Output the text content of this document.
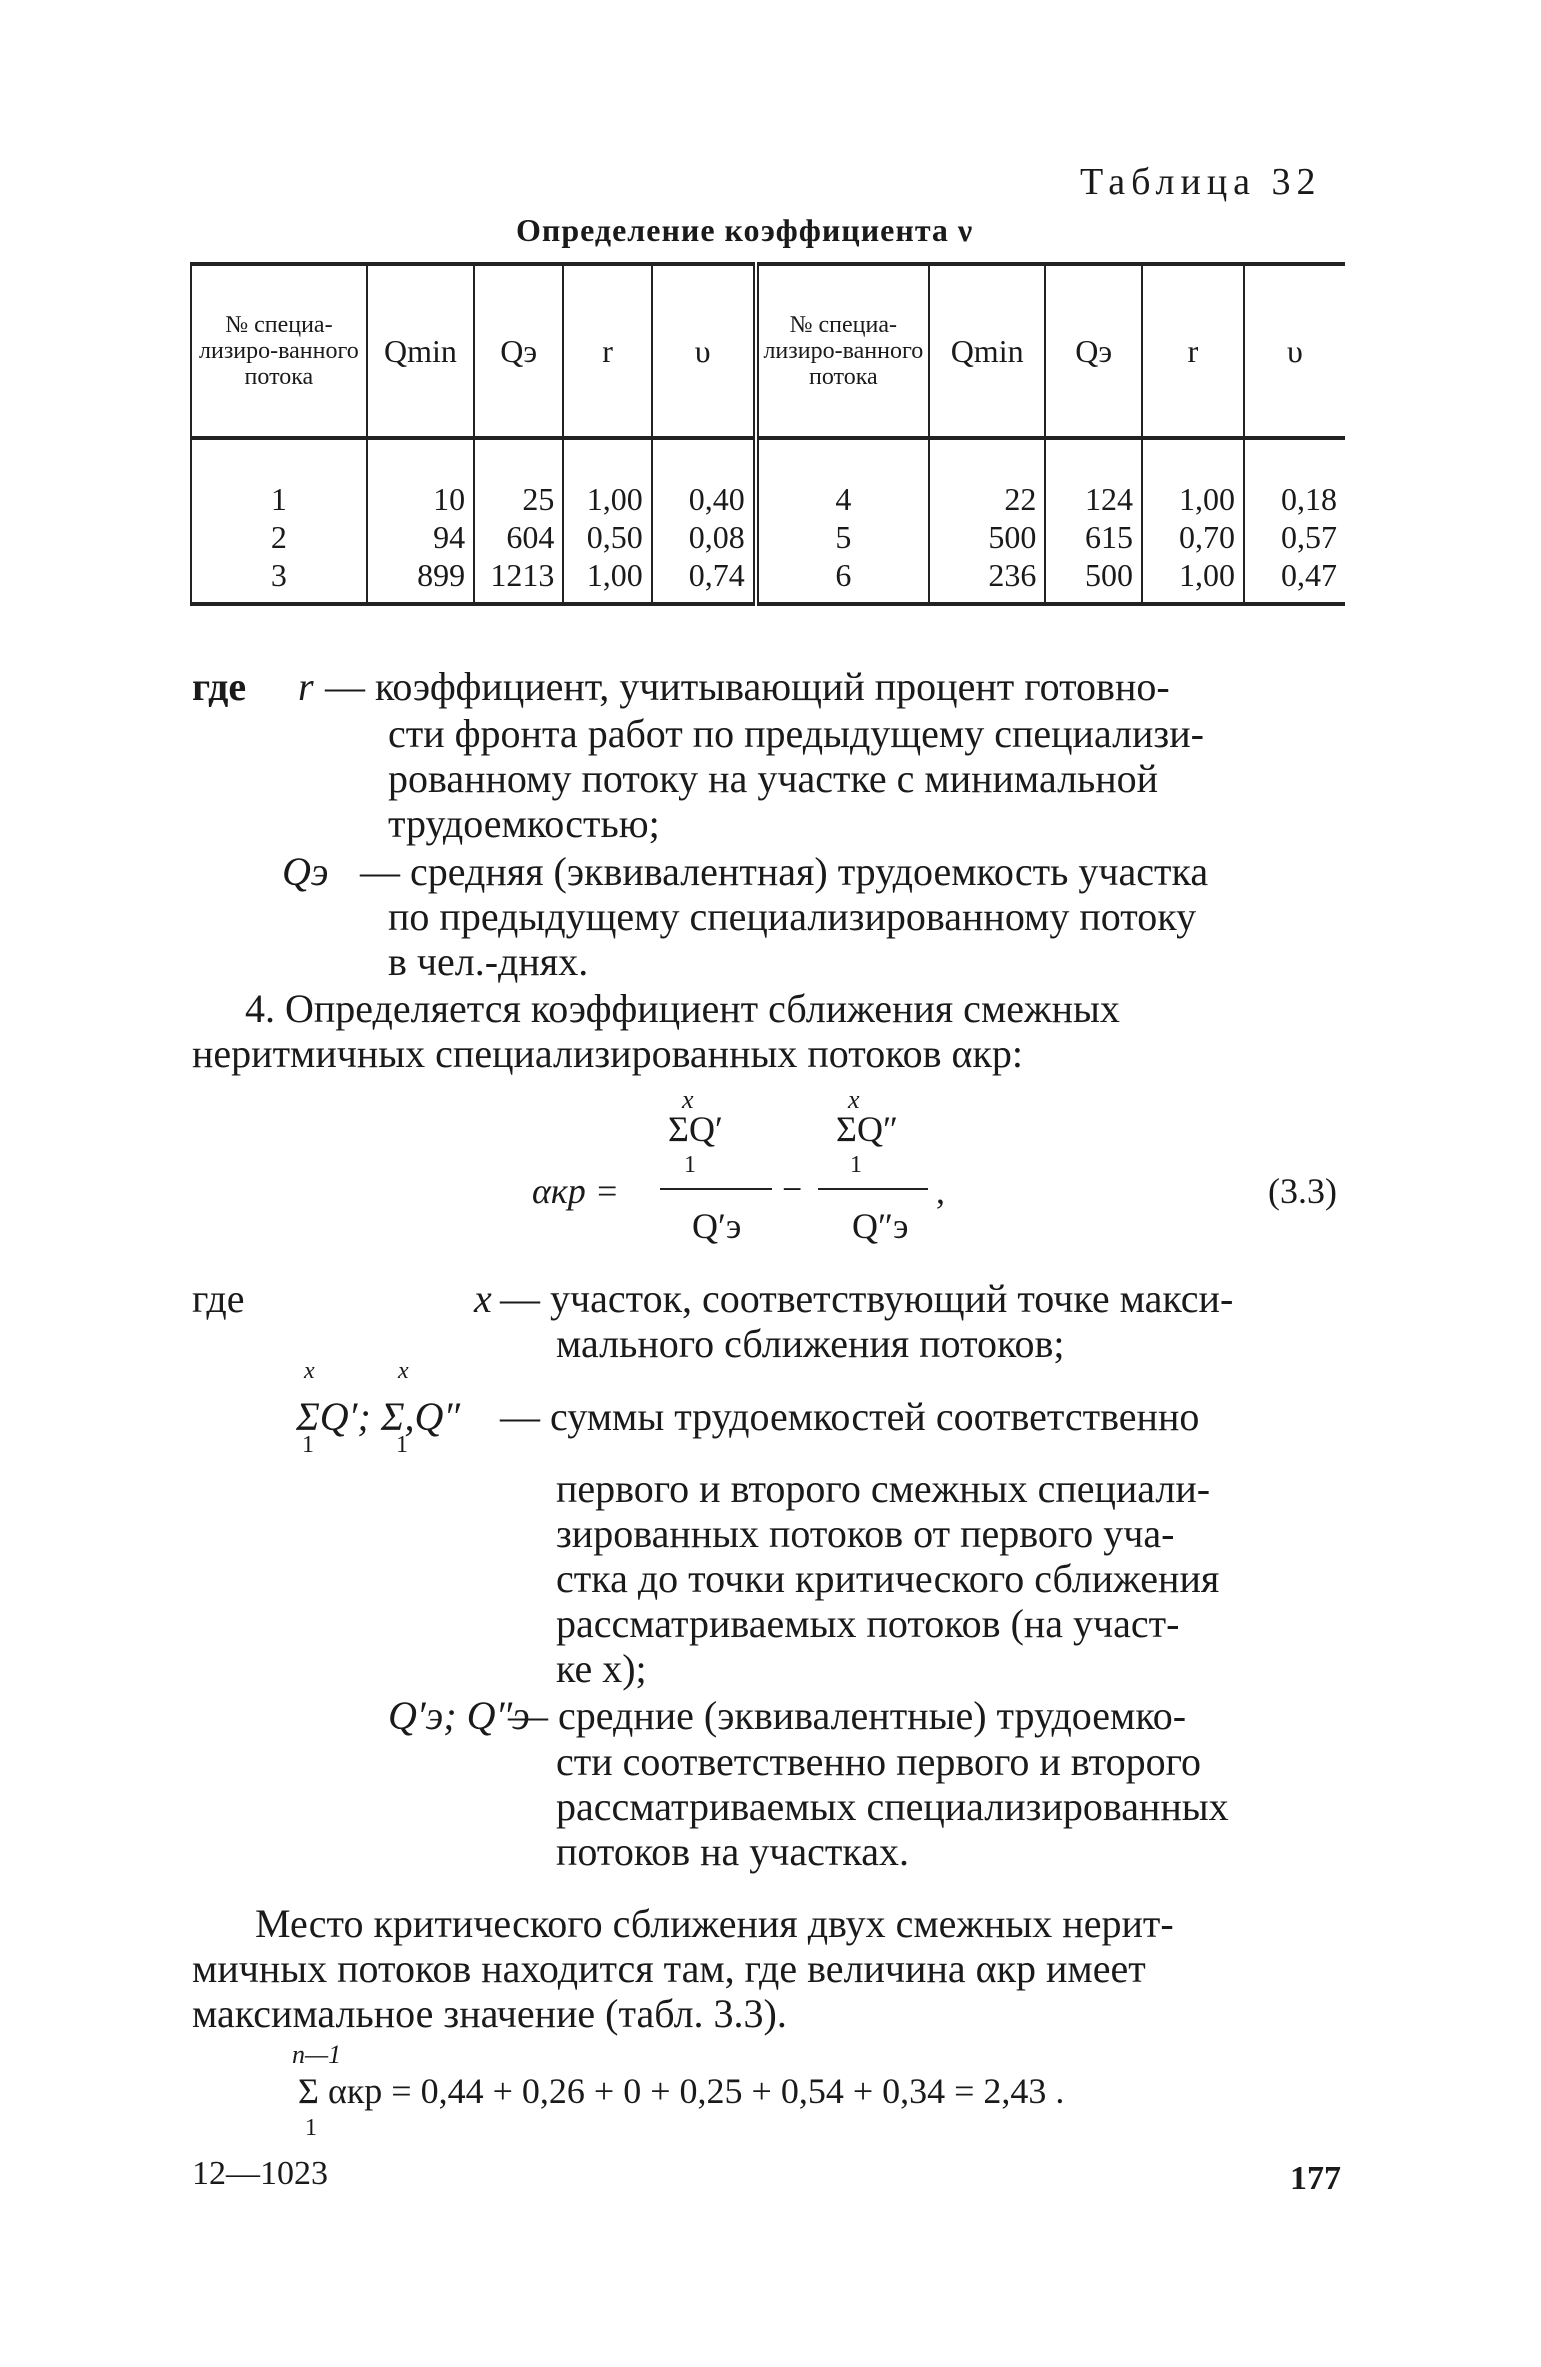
Таблица 32
Определение коэффициента ν
№ специа-лизиро-ванного потока	Qmin	Qэ	r	υ	№ специа-лизиро-ванного потока	Qmin	Qэ	r	υ
1	10	25	1,00	0,40	4	22	124	1,00	0,18
2	94	604	0,50	0,08	5	500	615	0,70	0,57
3	899	1213	1,00	0,74	6	236	500	1,00	0,47
где r — коэффициент, учитывающий процент готовно-
сти фронта работ по предыдущему специализи-
рованному потоку на участке с минимальной
трудоемкостью;
Qэ — средняя (эквивалентная) трудоемкость участка
по предыдущему специализированному потоку
в чел.-днях.
4. Определяется коэффициент сближения смежных
неритмичных специализированных потоков αкр:
x	x
ΣQ′	ΣQ″
1	1
αкр =	−	,
Q′э	Q″э
(3.3)
где	x — участок, соответствующий точке макси-
мального сближения потоков;
x	x
ΣQ′; Σ,Q″
1	1
— суммы трудоемкостей соответственно
первого и второго смежных специали-
зированных потоков от первого уча-
стка до точки критического сближения
рассматриваемых потоков (на участ-
ке x);
Q′э; Q″э
— средние (эквивалентные) трудоемко-
сти соответственно первого и второго
рассматриваемых специализированных
потоков на участках.
Место критического сближения двух смежных нерит-
мичных потоков находится там, где величина αкр имеет
максимальное значение (табл. 3.3).
n—1
Σ αкр = 0,44 + 0,26 + 0 + 0,25 + 0,54 + 0,34 = 2,43 .
1
12—1023	177
